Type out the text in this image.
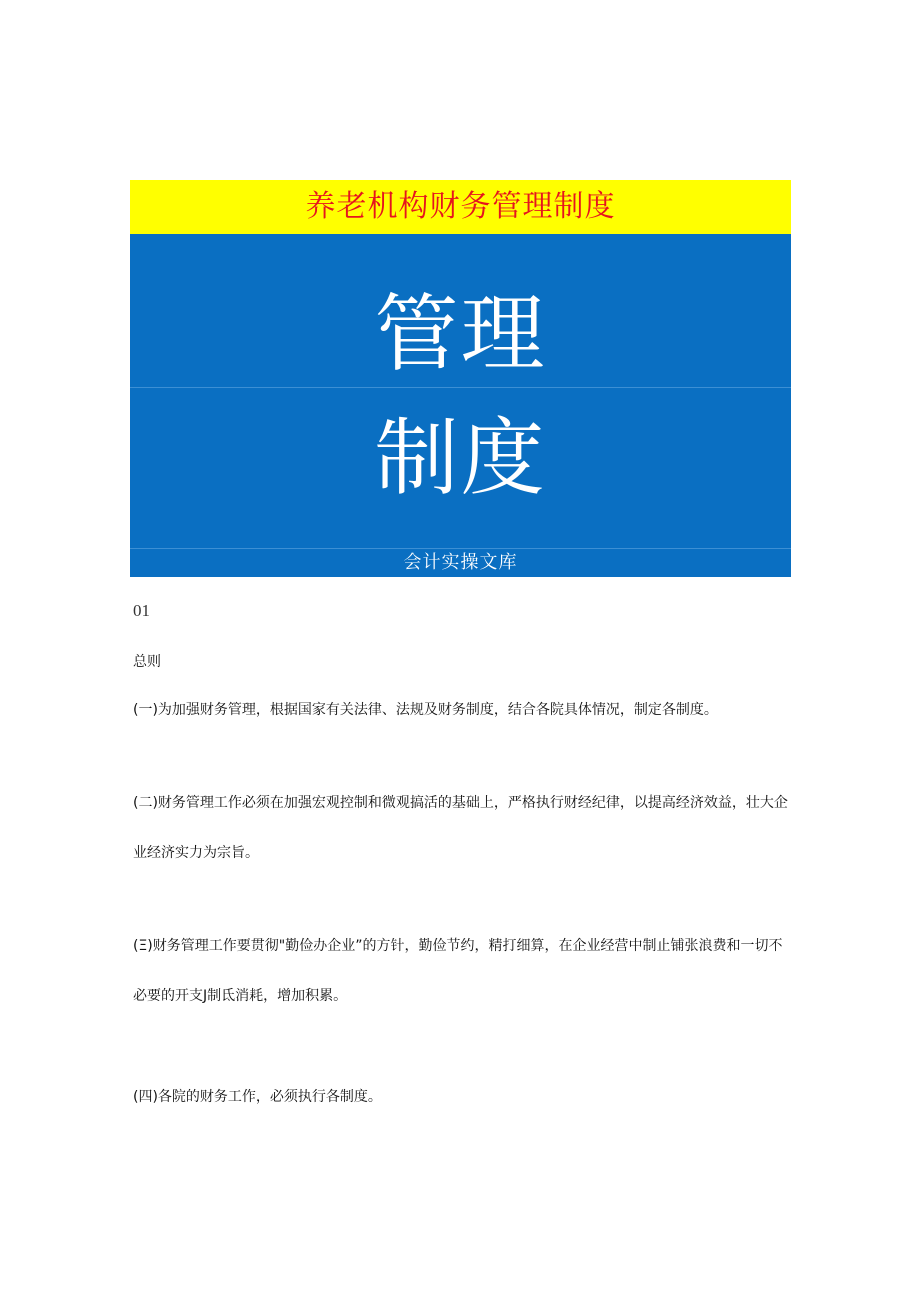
养老机构财务管理制度
管理
制度
会计实操文库
01
总则

(一)为加强财务管理，根据国家有关法律、法规及财务制度，结合各院具体情况，制定各制度。

(二)财务管理工作必须在加强宏观控制和微观搞活的基础上，严格执行财经纪律，以提高经济效益，壮大企业经济实力为宗旨。

(Ξ)财务管理工作要贯彻"勤俭办企业”的方针，勤俭节约，精打细算，在企业经营中制止铺张浪费和一切不必要的开支J制氐消耗，增加积累。

(四)各院的财务工作，必须执行各制度。
